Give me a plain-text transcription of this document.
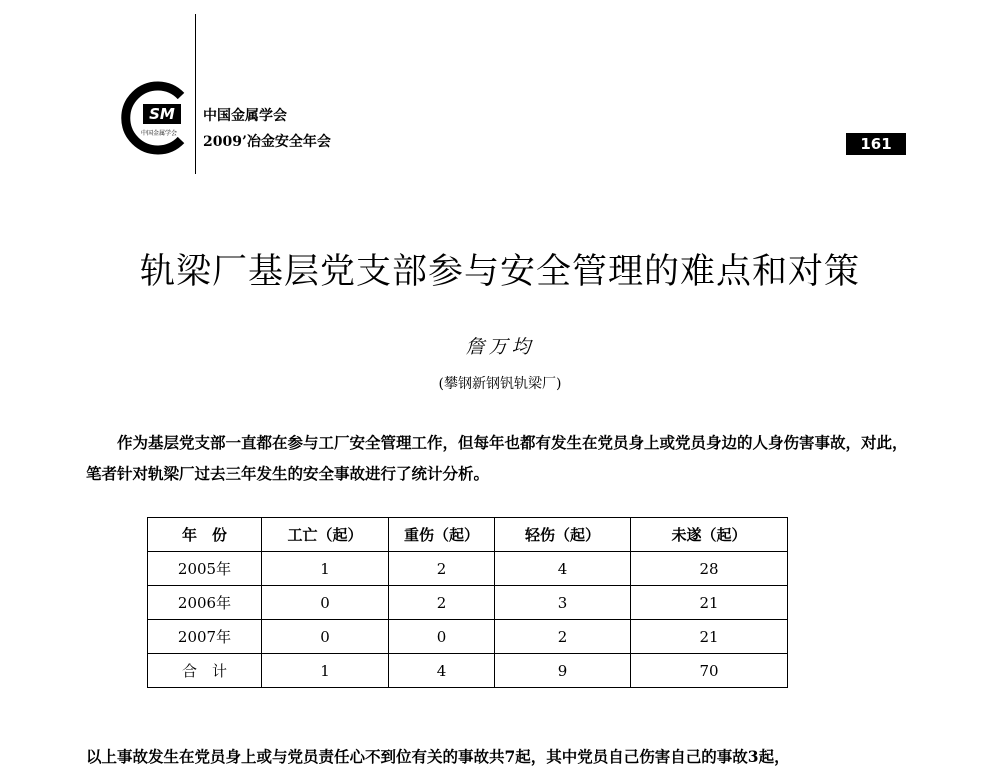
SM
中国金属学会
中国金属学会
2009’冶金安全年会	161
轨梁厂基层党支部参与安全管理的难点和对策
詹万均
(攀钢新钢钒轨梁厂)
作为基层党支部一直都在参与工厂安全管理工作，但每年也都有发生在党员身上或党员身边的人身伤害事故，对此，笔者针对轨梁厂过去三年发生的安全事故进行了统计分析。
年　份	工亡（起）	重伤（起）	轻伤（起）	未遂（起）
2005年	1	2	4	28
2006年	0	2	3	21
2007年	0	0	2	21
合　计	1	4	9	70
以上事故发生在党员身上或与党员责任心不到位有关的事故共7起，其中党员自己伤害自己的事故3起，
